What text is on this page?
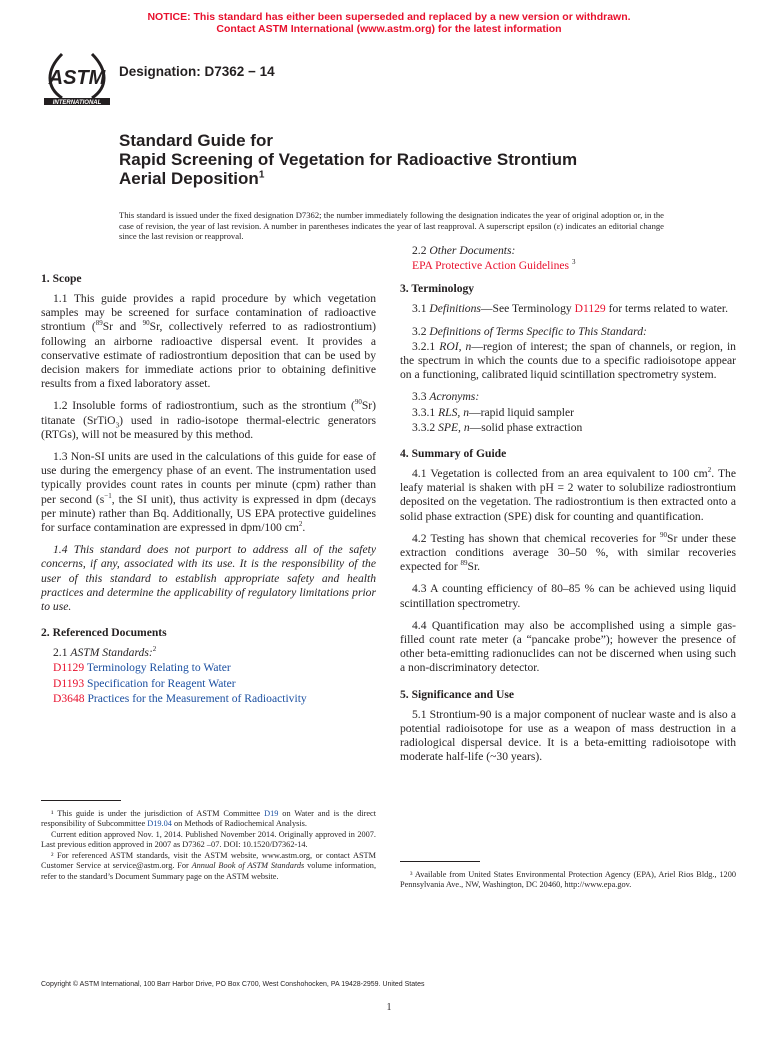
NOTICE: This standard has either been superseded and replaced by a new version or withdrawn.
Contact ASTM International (www.astm.org) for the latest information
ASTM
INTERNATIONAL
Designation: D7362 − 14
Standard Guide for
Rapid Screening of Vegetation for Radioactive Strontium
Aerial Deposition$^1$
This standard is issued under the fixed designation D7362; the number immediately following the designation indicates the year of original adoption or, in the case of revision, the year of last revision. A number in parentheses indicates the year of last reapproval. A superscript epsilon (ε) indicates an editorial change since the last revision or reapproval.
1. Scope

1.1 This guide provides a rapid procedure by which vegetation samples may be screened for surface contamination of radioactive strontium ($^{89}$Sr and $^{90}$Sr, collectively referred to as radiostrontium) following an airborne radioactive dispersal event. It provides a conservative estimate of radiostrontium deposition that can be used by decision makers for immediate actions prior to obtaining definitive results from a fixed laboratory asset.

1.2 Insoluble forms of radiostrontium, such as the strontium ($^{90}$Sr) titanate (SrTiO$_3$) used in radio-isotope thermal-electric generators (RTGs), will not be measured by this method.

1.3 Non-SI units are used in the calculations of this guide for ease of use during the emergency phase of an event. The instrumentation used typically provides count rates in counts per minute (cpm) rather than per second ($s^{-1}$, the SI unit), thus activity is expressed in dpm (decays per minute) rather than Bq. Additionally, US EPA protective guidelines for surface contamination are expressed in dpm/100 $cm^2$.

1.4 This standard does not purport to address all of the safety concerns, if any, associated with its use. It is the responsibility of the user of this standard to establish appropriate safety and health practices and determine the applicability of regulatory limitations prior to use.

2. Referenced Documents
2.1 ASTM Standards:$^2$
D1129 Terminology Relating to Water
D1193 Specification for Reagent Water
D3648 Practices for the Measurement of Radioactivity

¹ This guide is under the jurisdiction of ASTM Committee D19 on Water and is the direct responsibility of Subcommittee D19.04 on Methods of Radiochemical Analysis.

Current edition approved Nov. 1, 2014. Published November 2014. Originally approved in 2007. Last previous edition approved in 2007 as D7362 –07. DOI: 10.1520/D7362-14.

² For referenced ASTM standards, visit the ASTM website, www.astm.org, or contact ASTM Customer Service at service@astm.org. For Annual Book of ASTM Standards volume information, refer to the standard’s Document Summary page on the ASTM website.

2.2 Other Documents:
EPA Protective Action Guidelines $^3$
3. Terminology

3.1 Definitions—See Terminology D1129 for terms related to water.

3.2 Definitions of Terms Specific to This Standard:

3.2.1 ROI, n—region of interest; the span of channels, or region, in the spectrum in which the counts due to a specific radioisotope appear on a functioning, calibrated liquid scintillation spectrometry system.

3.3 Acronyms:

3.3.1 RLS, n—rapid liquid sampler

3.3.2 SPE, n—solid phase extraction

4. Summary of Guide

4.1 Vegetation is collected from an area equivalent to 100 $cm^2$. The leafy material is shaken with pH = 2 water to solubilize radiostrontium deposited on the vegetation. The radiostrontium is then extracted onto a solid phase extraction (SPE) disk for counting and quantification.

4.2 Testing has shown that chemical recoveries for $^{90}$Sr under these extraction conditions average 30–50 %, with similar recoveries expected for $^{89}$Sr.

4.3 A counting efficiency of 80–85 % can be achieved using liquid scintillation spectrometry.

4.4 Quantification may also be accomplished using a simple gas-filled count rate meter (a “pancake probe”); however the presence of other beta-emitting radionuclides can not be discerned when using such a non-discriminatory detector.

5. Significance and Use

5.1 Strontium-90 is a major component of nuclear waste and is also a potential radioisotope for use as a weapon of mass destruction in a radiological dispersal device. It is a beta-emitting radioisotope with moderate half-life (~30 years).

³ Available from United States Environmental Protection Agency (EPA), Ariel Rios Bldg., 1200 Pennsylvania Ave., NW, Washington, DC 20460, http://www.epa.gov.

Copyright © ASTM International, 100 Barr Harbor Drive, PO Box C700, West Conshohocken, PA 19428-2959. United States
1
